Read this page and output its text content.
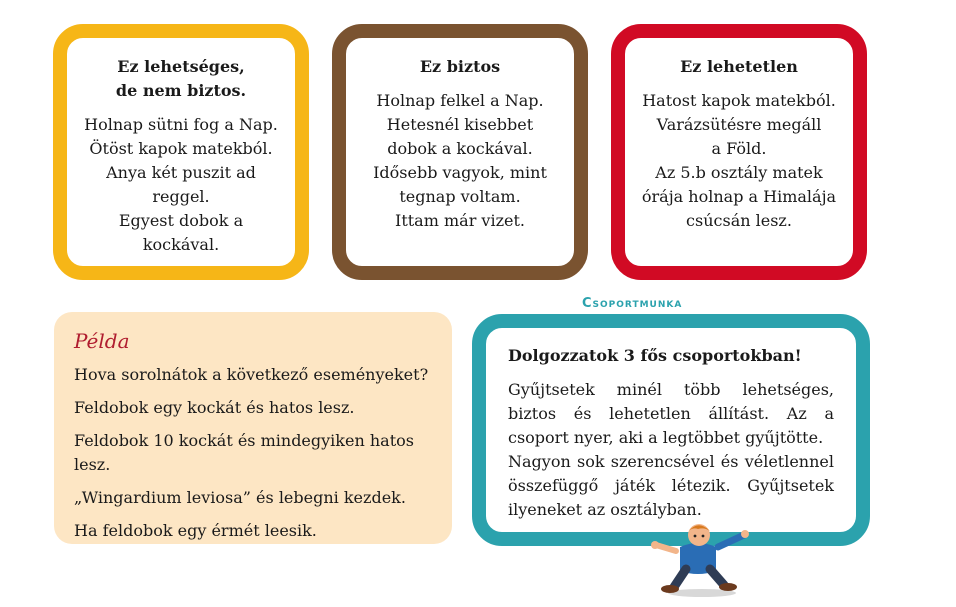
Ez lehetséges,
de nem biztos.
Holnap sütni fog a Nap.
Ötöst kapok matekból.
Anya két puszit ad
reggel.
Egyest dobok a
kockával.
Ez biztos
Holnap felkel a Nap.
Hetesnél kisebbet
dobok a kockával.
Idősebb vagyok, mint
tegnap voltam.
Ittam már vizet.
Ez lehetetlen
Hatost kapok matekból.
Varázsütésre megáll
a Föld.
Az 5.b osztály matek
órája holnap a Himalája
csúcsán lesz.
Példa
Hova sorolnátok a következő eseményeket?
Feldobok egy kockát és hatos lesz.
Feldobok 10 kockát és mindegyiken hatos lesz.
„Wingardium leviosa” és lebegni kezdek.
Ha feldobok egy érmét leesik.
Csoportmunka
Dolgozzatok 3 fős csoportokban!
Gyűjtsetek minél több lehetséges, biztos és lehetetlen állítást. Az a csoport nyer, aki a legtöbbet gyűjtötte.
Nagyon sok szerencsével és véletlennel összefüggő játék létezik. Gyűjtsetek ilyeneket az osztályban.
